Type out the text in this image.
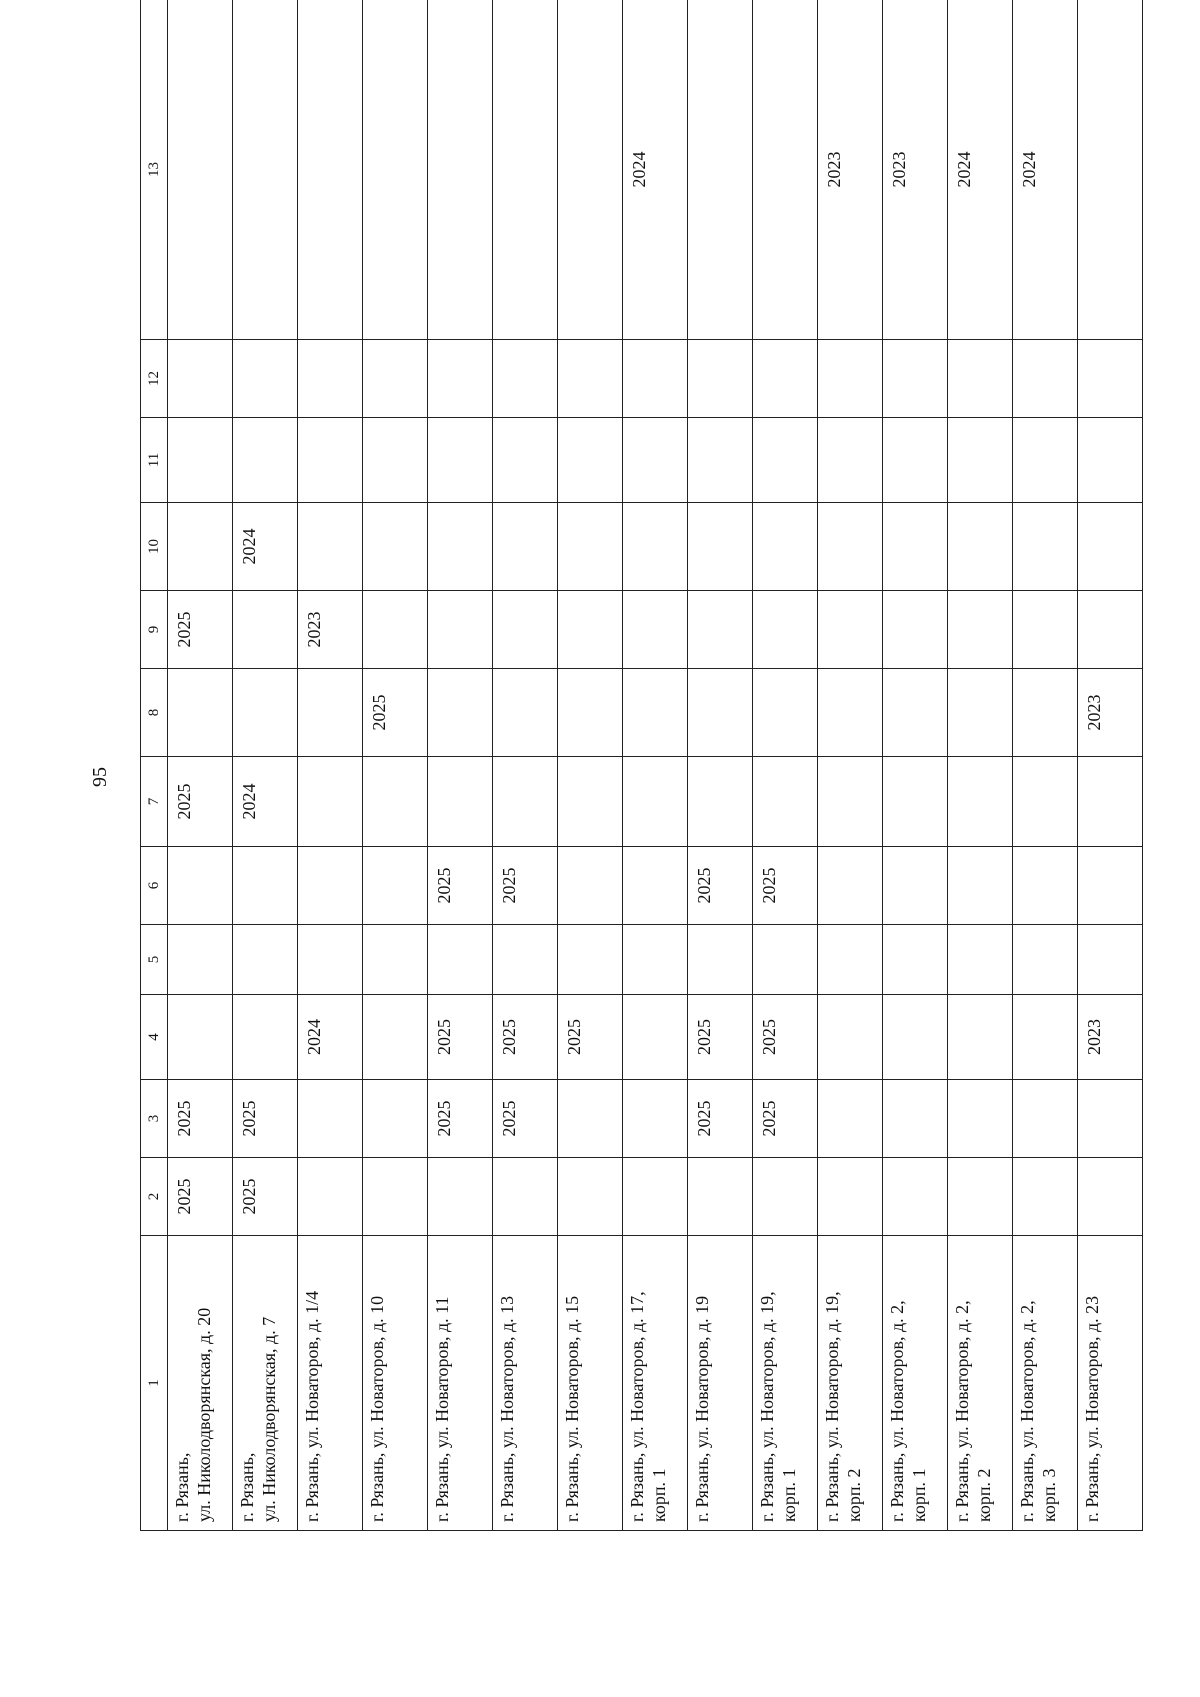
95
1	2	3	4	5	6	7	8	9	10	11	12	13
г. Рязань,
ул. Николодворянская, д. 20	2025	2025				2025		2025				
г. Рязань,
ул. Николодворянская, д. 7	2025	2025				2024			2024			
г. Рязань, ул. Новаторов, д. 1/4			2024					2023				
г. Рязань, ул. Новаторов, д. 10							2025					
г. Рязань, ул. Новаторов, д. 11		2025	2025		2025							
г. Рязань, ул. Новаторов, д. 13		2025	2025		2025							
г. Рязань, ул. Новаторов, д. 15			2025									
г. Рязань, ул. Новаторов, д. 17,
корп. 1												2024
г. Рязань, ул. Новаторов, д. 19		2025	2025		2025							
г. Рязань, ул. Новаторов, д. 19,
корп. 1		2025	2025		2025							
г. Рязань, ул. Новаторов, д. 19,
корп. 2												2023
г. Рязань, ул. Новаторов, д. 2,
корп. 1												2023
г. Рязань, ул. Новаторов, д. 2,
корп. 2												2024
г. Рязань, ул. Новаторов, д. 2,
корп. 3												2024
г. Рязань, ул. Новаторов, д. 23			2023				2023					
